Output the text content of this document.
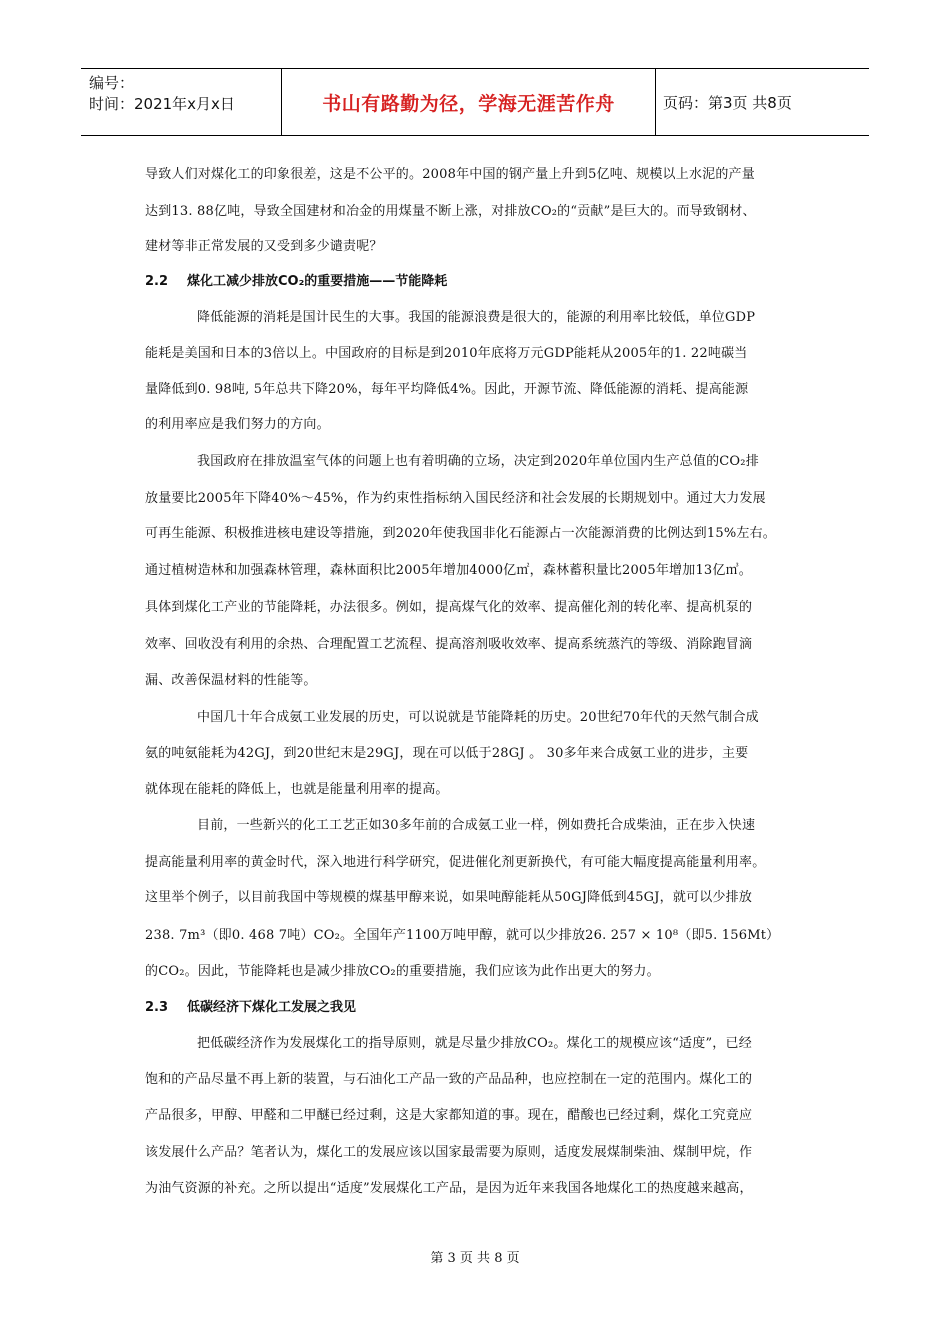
编号：
时间：2021年x月x日	书山有路勤为径，学海无涯苦作舟	页码：第3页 共8页
导致人们对煤化工的印象很差，这是不公平的。2008年中国的钢产量上升到5亿吨、规模以上水泥的产量
达到13. 88亿吨，导致全国建材和冶金的用煤量不断上涨，对排放CO₂的“贡献”是巨大的。而导致钢材、
建材等非正常发展的又受到多少谴责呢？
2.2 煤化工减少排放CO₂的重要措施——节能降耗
降低能源的消耗是国计民生的大事。我国的能源浪费是很大的，能源的利用率比较低，单位GDP
能耗是美国和日本的3倍以上。中国政府的目标是到2010年底将万元GDP能耗从2005年的1. 22吨碳当
量降低到0. 98吨, 5年总共下降20%，每年平均降低4%。因此，开源节流、降低能源的消耗、提高能源
的利用率应是我们努力的方向。
我国政府在排放温室气体的问题上也有着明确的立场，决定到2020年单位国内生产总值的CO₂排
放量要比2005年下降40%～45%，作为约束性指标纳入国民经济和社会发展的长期规划中。通过大力发展
可再生能源、积极推进核电建设等措施，到2020年使我国非化石能源占一次能源消费的比例达到15%左右。
通过植树造林和加强森林管理，森林面积比2005年增加4000亿㎡，森林蓄积量比2005年增加13亿㎥。
具体到煤化工产业的节能降耗，办法很多。例如，提高煤气化的效率、提高催化剂的转化率、提高机泵的
效率、回收没有利用的余热、合理配置工艺流程、提高溶剂吸收效率、提高系统蒸汽的等级、消除跑冒滴
漏、改善保温材料的性能等。
中国几十年合成氨工业发展的历史，可以说就是节能降耗的历史。20世纪70年代的天然气制合成
氨的吨氨能耗为42GJ，到20世纪末是29GJ，现在可以低于28GJ 。 30多年来合成氨工业的进步，主要
就体现在能耗的降低上，也就是能量利用率的提高。
目前，一些新兴的化工工艺正如30多年前的合成氨工业一样，例如费托合成柴油，正在步入快速
提高能量利用率的黄金时代，深入地进行科学研究，促进催化剂更新换代，有可能大幅度提高能量利用率。
这里举个例子，以目前我国中等规模的煤基甲醇来说，如果吨醇能耗从50GJ降低到45GJ，就可以少排放
238. 7m³（即0. 468 7吨）CO₂。全国年产1100万吨甲醇，就可以少排放26. 257 × 10⁸（即5. 156Mt）
的CO₂。因此，节能降耗也是减少排放CO₂的重要措施，我们应该为此作出更大的努力。
2.3 低碳经济下煤化工发展之我见
把低碳经济作为发展煤化工的指导原则，就是尽量少排放CO₂。煤化工的规模应该“适度”，已经
饱和的产品尽量不再上新的装置，与石油化工产品一致的产品品种，也应控制在一定的范围内。煤化工的
产品很多，甲醇、甲醛和二甲醚已经过剩，这是大家都知道的事。现在，醋酸也已经过剩，煤化工究竟应
该发展什么产品？笔者认为，煤化工的发展应该以国家最需要为原则，适度发展煤制柴油、煤制甲烷，作
为油气资源的补充。之所以提出“适度”发展煤化工产品，是因为近年来我国各地煤化工的热度越来越高，
第 3 页 共 8 页
